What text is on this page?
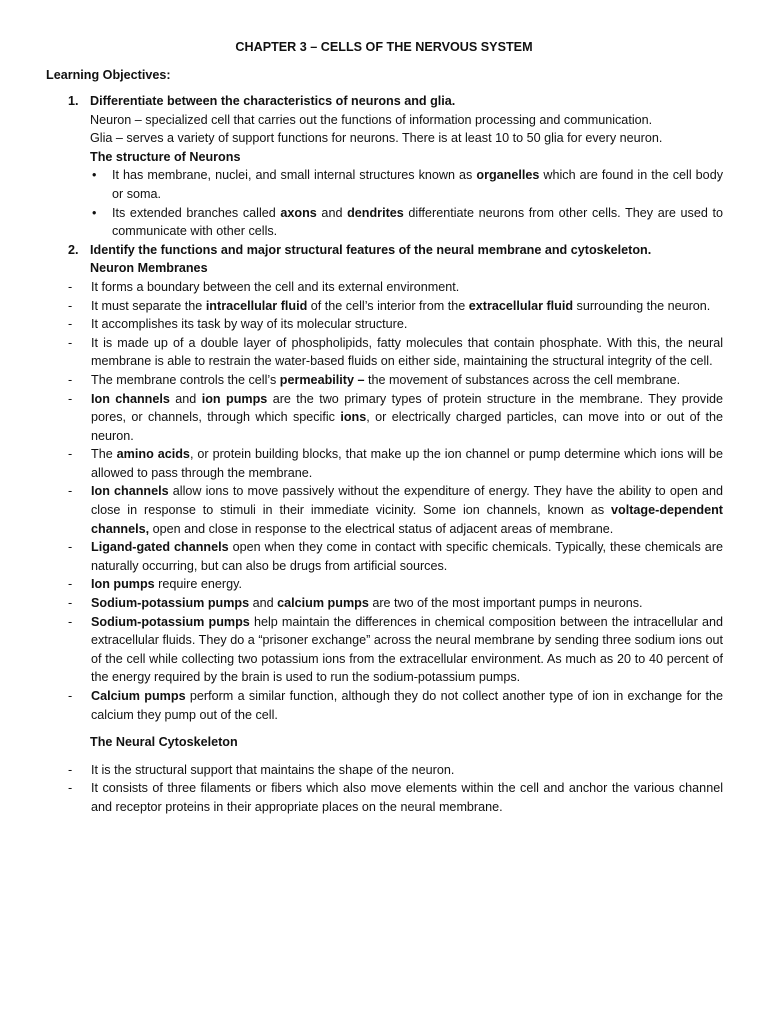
CHAPTER 3 – CELLS OF THE NERVOUS SYSTEM
Learning Objectives:
1. Differentiate between the characteristics of neurons and glia.

Neuron – specialized cell that carries out the functions of information processing and communication.

Glia – serves a variety of support functions for neurons. There is at least 10 to 50 glia for every neuron.

The structure of Neurons
• It has membrane, nuclei, and small internal structures known as organelles which are found in the cell body or soma.
• Its extended branches called axons and dendrites differentiate neurons from other cells. They are used to communicate with other cells.
2. Identify the functions and major structural features of the neural membrane and cytoskeleton.
Neuron Membranes
- It forms a boundary between the cell and its external environment.
- It must separate the intracellular fluid of the cell’s interior from the extracellular fluid surrounding the neuron.
- It accomplishes its task by way of its molecular structure.
- It is made up of a double layer of phospholipids, fatty molecules that contain phosphate. With this, the neural membrane is able to restrain the water-based fluids on either side, maintaining the structural integrity of the cell.
- The membrane controls the cell’s permeability – the movement of substances across the cell membrane.
- Ion channels and ion pumps are the two primary types of protein structure in the membrane. They provide pores, or channels, through which specific ions, or electrically charged particles, can move into or out of the neuron.
- The amino acids, or protein building blocks, that make up the ion channel or pump determine which ions will be allowed to pass through the membrane.
- Ion channels allow ions to move passively without the expenditure of energy. They have the ability to open and close in response to stimuli in their immediate vicinity. Some ion channels, known as voltage-dependent channels, open and close in response to the electrical status of adjacent areas of membrane.
- Ligand-gated channels open when they come in contact with specific chemicals. Typically, these chemicals are naturally occurring, but can also be drugs from artificial sources.
- Ion pumps require energy.
- Sodium-potassium pumps and calcium pumps are two of the most important pumps in neurons.
- Sodium-potassium pumps help maintain the differences in chemical composition between the intracellular and extracellular fluids. They do a “prisoner exchange” across the neural membrane by sending three sodium ions out of the cell while collecting two potassium ions from the extracellular environment. As much as 20 to 40 percent of the energy required by the brain is used to run the sodium-potassium pumps.
- Calcium pumps perform a similar function, although they do not collect another type of ion in exchange for the calcium they pump out of the cell.
The Neural Cytoskeleton
- It is the structural support that maintains the shape of the neuron.
- It consists of three filaments or fibers which also move elements within the cell and anchor the various channel and receptor proteins in their appropriate places on the neural membrane.
